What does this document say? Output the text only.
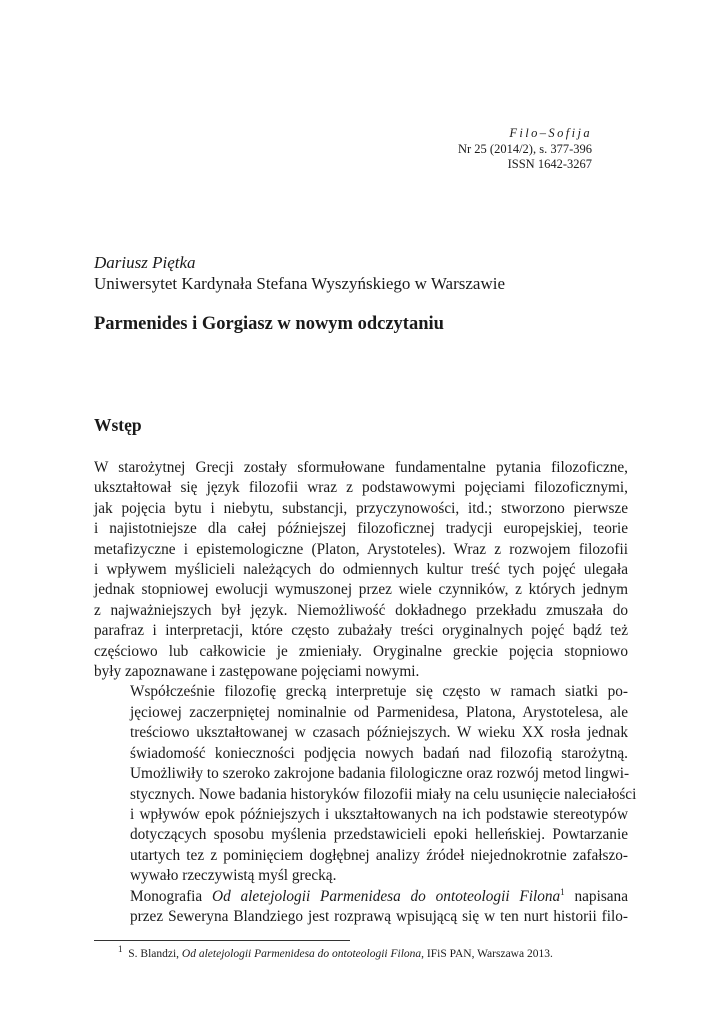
Filo–Sofija
Nr 25 (2014/2), s. 377-396
ISSN 1642-3267
Dariusz Piętka
Uniwersytet Kardynała Stefana Wyszyńskiego w Warszawie
Parmenides i Gorgiasz w nowym odczytaniu
Wstęp

W starożytnej Grecji zostały sformułowane fundamentalne pytania filozoficzne,
ukształtował się język filozofii wraz z podstawowymi pojęciami filozoficznymi,
jak pojęcia bytu i niebytu, substancji, przyczynowości, itd.; stworzono pierwsze
i najistotniejsze dla całej późniejszej filozoficznej tradycji europejskiej, teorie
metafizyczne i epistemologiczne (Platon, Arystoteles). Wraz z rozwojem filozofii
i wpływem myślicieli należących do odmiennych kultur treść tych pojęć ulegała
jednak stopniowej ewolucji wymuszonej przez wiele czynników, z których jednym
z najważniejszych był język. Niemożliwość dokładnego przekładu zmuszała do
parafraz i interpretacji, które często zubażały treści oryginalnych pojęć bądź też
częściowo lub całkowicie je zmieniały. Oryginalne greckie pojęcia stopniowo
były zapoznawane i zastępowane pojęciami nowymi.

Współcześnie filozofię grecką interpretuje się często w ramach siatki po-
jęciowej zaczerpniętej nominalnie od Parmenidesa, Platona, Arystotelesa, ale
treściowo ukształtowanej w czasach późniejszych. W wieku XX rosła jednak
świadomość konieczności podjęcia nowych badań nad filozofią starożytną.
Umożliwiły to szeroko zakrojone badania filologiczne oraz rozwój metod lingwi-
stycznych. Nowe badania historyków filozofii miały na celu usunięcie naleciałości
i wpływów epok późniejszych i ukształtowanych na ich podstawie stereotypów
dotyczących sposobu myślenia przedstawicieli epoki helleńskiej. Powtarzanie
utartych tez z pominięciem dogłębnej analizy źródeł niejednokrotnie zafałszo-
wywało rzeczywistą myśl grecką.

Monografia Od aletejologii Parmenidesa do ontoteologii Filona$^1$ napisana
przez Seweryna Blandziego jest rozprawą wpisującą się w ten nurt historii filo-

$^1$ S. Blandzi, Od aletejologii Parmenidesa do ontoteologii Filona, IFiS PAN, Warszawa 2013.
